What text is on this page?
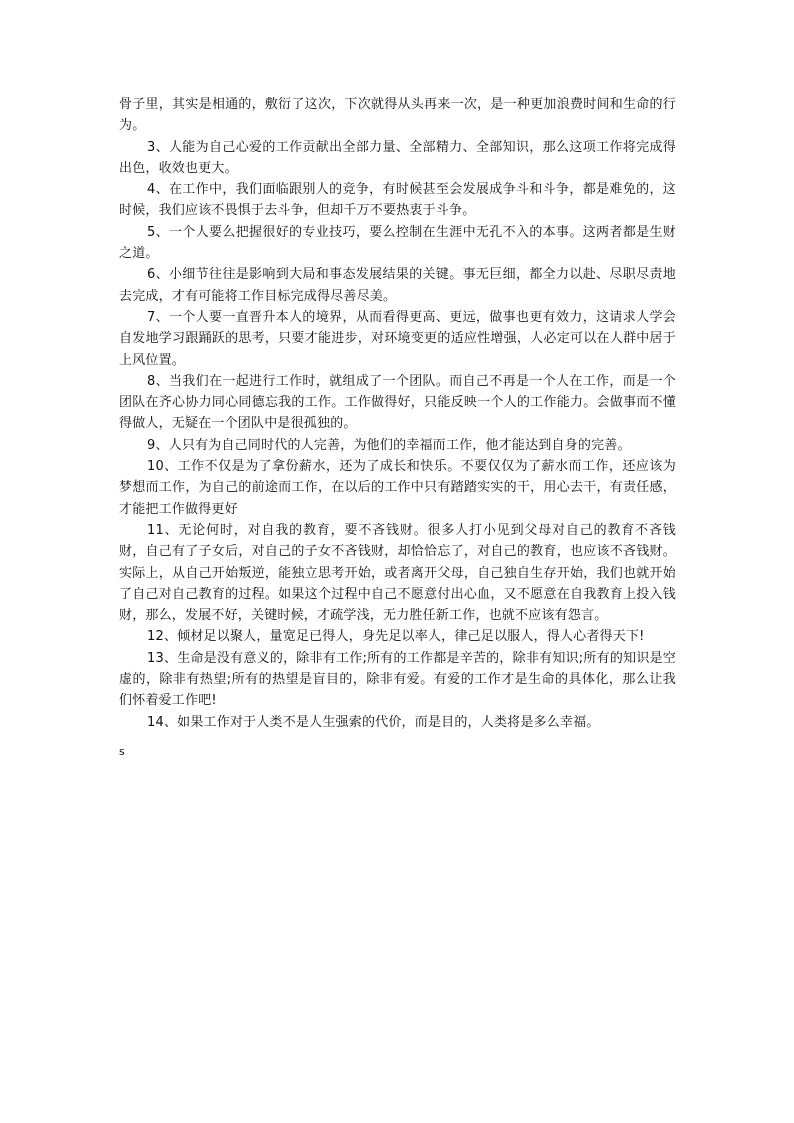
骨子里，其实是相通的，敷衍了这次，下次就得从头再来一次，是一种更加浪费时间和生命的行为。

3、人能为自己心爱的工作贡献出全部力量、全部精力、全部知识，那么这项工作将完成得出色，收效也更大。

4、在工作中，我们面临跟别人的竞争，有时候甚至会发展成争斗和斗争，都是难免的，这时候，我们应该不畏惧于去斗争，但却千万不要热衷于斗争。

5、一个人要么把握很好的专业技巧，要么控制在生涯中无孔不入的本事。这两者都是生财之道。

6、小细节往往是影响到大局和事态发展结果的关键。事无巨细，都全力以赴、尽职尽责地去完成，才有可能将工作目标完成得尽善尽美。

7、一个人要一直晋升本人的境界，从而看得更高、更远，做事也更有效力，这请求人学会自发地学习跟踊跃的思考，只要才能进步，对环境变更的适应性增强，人必定可以在人群中居于上风位置。

8、当我们在一起进行工作时，就组成了一个团队。而自己不再是一个人在工作，而是一个团队在齐心协力同心同德忘我的工作。工作做得好，只能反映一个人的工作能力。会做事而不懂得做人，无疑在一个团队中是很孤独的。

9、人只有为自己同时代的人完善，为他们的幸福而工作，他才能达到自身的完善。

10、工作不仅是为了拿份薪水，还为了成长和快乐。不要仅仅为了薪水而工作，还应该为梦想而工作，为自己的前途而工作，在以后的工作中只有踏踏实实的干，用心去干，有责任感，才能把工作做得更好

11、无论何时，对自我的教育，要不吝钱财。很多人打小见到父母对自己的教育不吝钱财，自己有了子女后，对自己的子女不吝钱财，却恰恰忘了，对自己的教育，也应该不吝钱财。实际上，从自己开始叛逆，能独立思考开始，或者离开父母，自己独自生存开始，我们也就开始了自己对自己教育的过程。如果这个过程中自己不愿意付出心血，又不愿意在自我教育上投入钱财，那么，发展不好，关键时候，才疏学浅，无力胜任新工作，也就不应该有怨言。

12、倾材足以聚人，量宽足已得人，身先足以率人，律己足以服人，得人心者得天下!

13、生命是没有意义的，除非有工作;所有的工作都是辛苦的，除非有知识;所有的知识是空虚的，除非有热望;所有的热望是盲目的，除非有爱。有爱的工作才是生命的具体化，那么让我们怀着爱工作吧!

14、如果工作对于人类不是人生强索的代价，而是目的，人类将是多么幸福。

s
